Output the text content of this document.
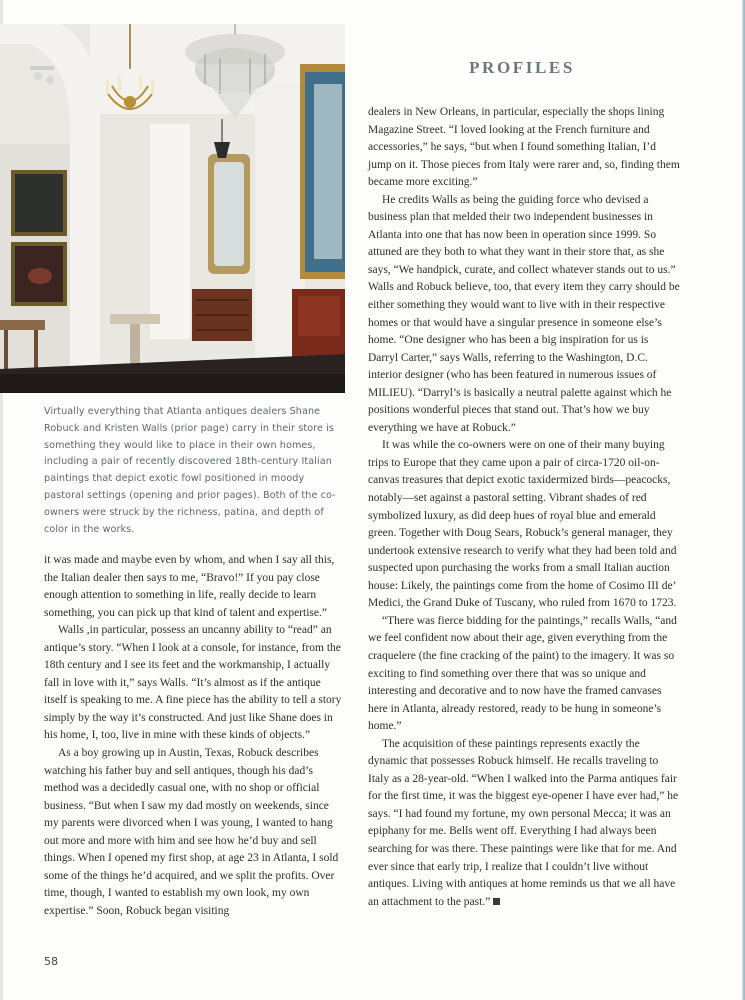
Virtually everything that Atlanta antiques dealers Shane Robuck and Kristen Walls (prior page) carry in their store is something they would like to place in their own homes, including a pair of recently discovered 18th-century Italian paintings that depict exotic fowl positioned in moody pastoral settings (opening and prior pages). Both of the co-owners were struck by the richness, patina, and depth of color in the works.
PROFILES

it was made and maybe even by whom, and when I say all this, the Italian dealer then says to me, “Bravo!” If you pay close enough attention to something in life, really decide to learn something, you can pick up that kind of talent and expertise.”

Walls ,in particular, possess an uncanny ability to “read” an antique’s story. “When I look at a console, for instance, from the 18th century and I see its feet and the workmanship, I actually fall in love with it,” says Walls. “It’s almost as if the antique itself is speaking to me. A fine piece has the ability to tell a story simply by the way it’s constructed. And just like Shane does in his home, I, too, live in mine with these kinds of objects.”

As a boy growing up in Austin, Texas, Robuck describes watching his father buy and sell antiques, though his dad’s method was a decidedly casual one, with no shop or official business. “But when I saw my dad mostly on weekends, since my parents were divorced when I was young, I wanted to hang out more and more with him and see how he’d buy and sell things. When I opened my first shop, at age 23 in Atlanta, I sold some of the things he’d acquired, and we split the profits. Over time, though, I wanted to establish my own look, my own expertise.” Soon, Robuck began visiting

dealers in New Orleans, in particular, especially the shops lining Magazine Street. “I loved looking at the French furniture and accessories,” he says, “but when I found something Italian, I’d jump on it. Those pieces from Italy were rarer and, so, finding them became more exciting.”

He credits Walls as being the guiding force who devised a business plan that melded their two independent businesses in Atlanta into one that has now been in operation since 1999. So attuned are they both to what they want in their store that, as she says, “We handpick, curate, and collect whatever stands out to us.” Walls and Robuck believe, too, that every item they carry should be either something they would want to live with in their respective homes or that would have a singular presence in someone else’s home. “One designer who has been a big inspiration for us is Darryl Carter,” says Walls, referring to the Washington, D.C. interior designer (who has been featured in numerous issues of MILIEU). “Darryl’s is basically a neutral palette against which he positions wonderful pieces that stand out. That’s how we buy everything we have at Robuck.”

It was while the co-owners were on one of their many buying trips to Europe that they came upon a pair of circa-1720 oil-on-canvas treasures that depict exotic taxidermized birds—peacocks, notably—set against a pastoral setting. Vibrant shades of red symbolized luxury, as did deep hues of royal blue and emerald green. Together with Doug Sears, Robuck’s general manager, they undertook extensive research to verify what they had been told and suspected upon purchasing the works from a small Italian auction house: Likely, the paintings come from the home of Cosimo III de’ Medici, the Grand Duke of Tuscany, who ruled from 1670 to 1723.

“There was fierce bidding for the paintings,” recalls Walls, “and we feel confident now about their age, given everything from the craquelere (the fine cracking of the paint) to the imagery. It was so exciting to find something over there that was so unique and interesting and decorative and to now have the framed canvases here in Atlanta, already restored, ready to be hung in someone’s home.”

The acquisition of these paintings represents exactly the dynamic that possesses Robuck himself. He recalls traveling to Italy as a 28-year-old. “When I walked into the Parma antiques fair for the first time, it was the biggest eye-opener I have ever had,” he says. “I had found my fortune, my own personal Mecca; it was an epiphany for me. Bells went off. Everything I had always been searching for was there. These paintings were like that for me. And ever since that early trip, I realize that I couldn’t live without antiques. Living with antiques at home reminds us that we all have an attachment to the past.”

58
